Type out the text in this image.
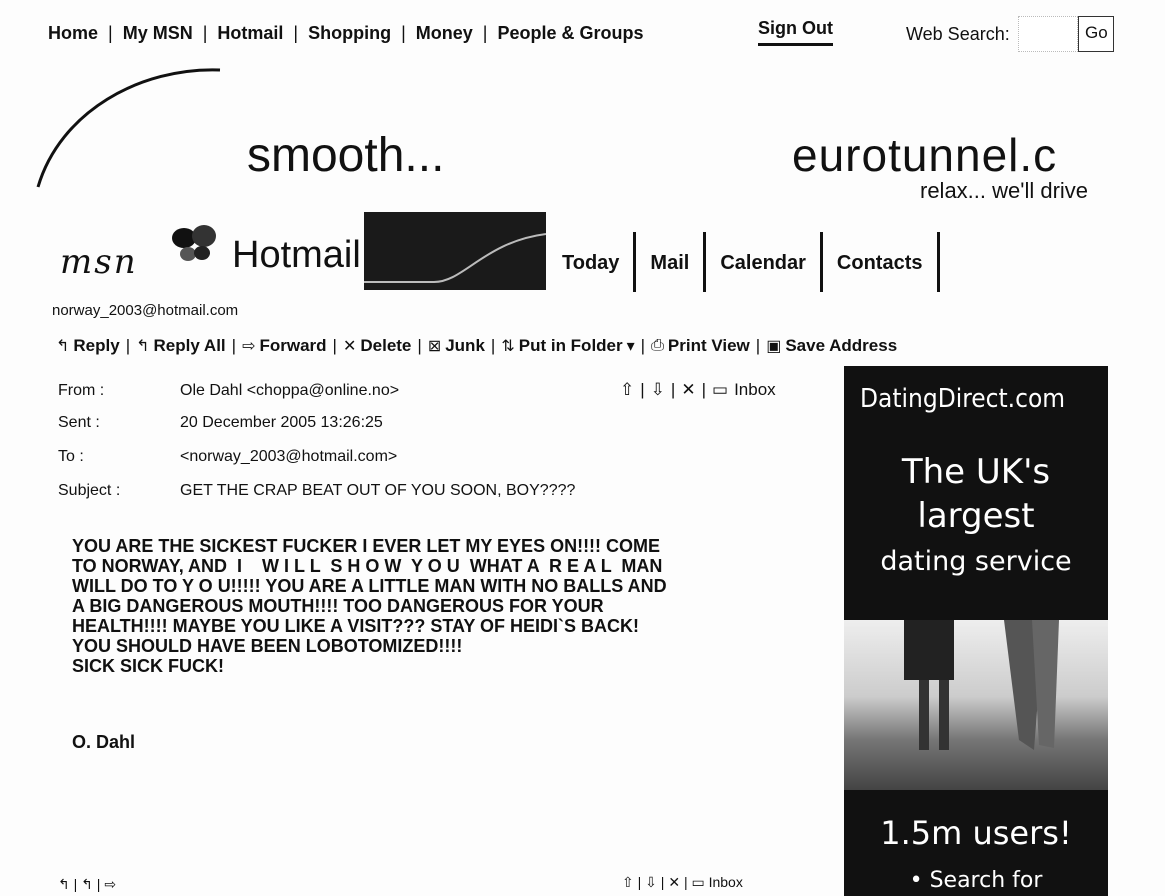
Home | My MSN | Hotmail | Shopping | Money | People & Groups	Sign Out	Web Search:	Go
smooth...	eurotunnel.c
relax... we'll drive
msn Hotmail	Today	Mail	Calendar	Contacts
norway_2003@hotmail.com
↰ Reply | ↰ Reply All | ⇨ Forward | ✕ Delete | ⊠ Junk | ⇅ Put in Folder ▾ | ⎙ Print View | ▣ Save Address
From :	Ole Dahl <choppa@online.no>
Sent :	20 December 2005 13:26:25
To :	<norway_2003@hotmail.com>
Subject :	GET THE CRAP BEAT OUT OF YOU SOON, BOY????
⇧ | ⇩ | ✕ | ▭ Inbox

YOU ARE THE SICKEST FUCKER I EVER LET MY EYES ON!!!! COME

TO NORWAY, AND  I    W I L L  S H O W  Y O U  WHAT A  R E A L  MAN

WILL DO TO Y O U!!!!! YOU ARE A LITTLE MAN WITH NO BALLS AND

A BIG DANGEROUS MOUTH!!!! TOO DANGEROUS FOR YOUR

HEALTH!!!! MAYBE YOU LIKE A VISIT??? STAY OF HEIDI`S BACK!

YOU SHOULD HAVE BEEN LOBOTOMIZED!!!!

SICK SICK FUCK!

O. Dahl
DatingDirect.com
The UK's
largest
dating service
1.5m users!
• Search for
↰ | ↰ | ⇨	⇧ | ⇩ | ✕ | ▭ Inbox
